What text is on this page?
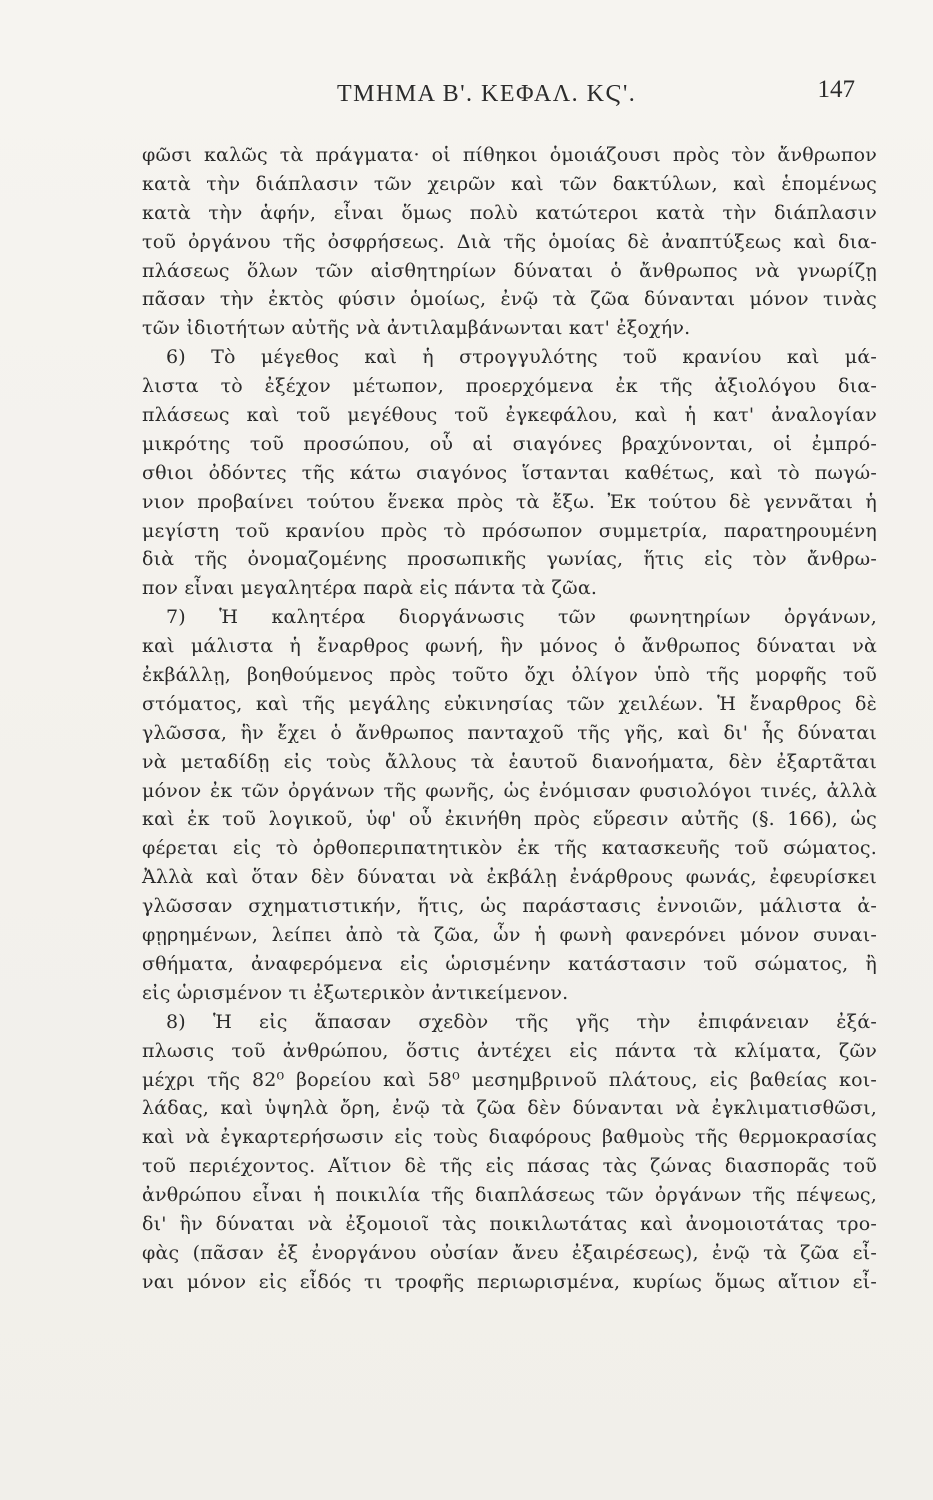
ΤΜΗΜΑ Β'. ΚΕΦΑΛ. ΚϚ'.	147
φῶσι καλῶς τὰ πράγματα· οἱ πίθηκοι ὁμοιάζουσι πρὸς τὸν ἄνθρωπον
κατὰ τὴν διάπλασιν τῶν χειρῶν καὶ τῶν δακτύλων, καὶ ἑπομένως
κατὰ τὴν ἁφήν, εἶναι ὅμως πολὺ κατώτεροι κατὰ τὴν διάπλασιν
τοῦ ὀργάνου τῆς ὀσφρήσεως. Διὰ τῆς ὁμοίας δὲ ἀναπτύξεως καὶ δια-
πλάσεως ὅλων τῶν αἰσθητηρίων δύναται ὁ ἄνθρωπος νὰ γνωρίζῃ
πᾶσαν τὴν ἐκτὸς φύσιν ὁμοίως, ἐνῷ τὰ ζῶα δύνανται μόνον τινὰς
τῶν ἰδιοτήτων αὐτῆς νὰ ἀντιλαμβάνωνται κατ' ἐξοχήν.
6) Τὸ μέγεθος καὶ ἡ στρογγυλότης τοῦ κρανίου καὶ μά-
λιστα τὸ ἐξέχον μέτωπον, προερχόμενα ἐκ τῆς ἀξιολόγου δια-
πλάσεως καὶ τοῦ μεγέθους τοῦ ἐγκεφάλου, καὶ ἡ κατ' ἀναλογίαν
μικρότης τοῦ προσώπου, οὗ αἱ σιαγόνες βραχύνονται, οἱ ἐμπρό-
σθιοι ὀδόντες τῆς κάτω σιαγόνος ἵστανται καθέτως, καὶ τὸ πωγώ-
νιον προβαίνει τούτου ἕνεκα πρὸς τὰ ἔξω. Ἐκ τούτου δὲ γεννᾶται ἡ
μεγίστη τοῦ κρανίου πρὸς τὸ πρόσωπον συμμετρία, παρατηρουμένη
διὰ τῆς ὀνομαζομένης προσωπικῆς γωνίας, ἥτις εἰς τὸν ἄνθρω-
πον εἶναι μεγαλητέρα παρὰ εἰς πάντα τὰ ζῶα.
7) Ἡ καλητέρα διοργάνωσις τῶν φωνητηρίων ὀργάνων,
καὶ μάλιστα ἡ ἔναρθρος φωνή, ἣν μόνος ὁ ἄνθρωπος δύναται νὰ
ἐκβάλλῃ, βοηθούμενος πρὸς τοῦτο ὄχι ὀλίγον ὑπὸ τῆς μορφῆς τοῦ
στόματος, καὶ τῆς μεγάλης εὐκινησίας τῶν χειλέων. Ἡ ἔναρθρος δὲ
γλῶσσα, ἣν ἔχει ὁ ἄνθρωπος πανταχοῦ τῆς γῆς, καὶ δι' ἧς δύναται
νὰ μεταδίδῃ εἰς τοὺς ἄλλους τὰ ἑαυτοῦ διανοήματα, δὲν ἐξαρτᾶται
μόνον ἐκ τῶν ὀργάνων τῆς φωνῆς, ὡς ἐνόμισαν φυσιολόγοι τινές, ἀλλὰ
καὶ ἐκ τοῦ λογικοῦ, ὑφ' οὗ ἐκινήθη πρὸς εὕρεσιν αὐτῆς (§. 166), ὡς
φέρεται εἰς τὸ ὀρθοπεριπατητικὸν ἐκ τῆς κατασκευῆς τοῦ σώματος.
Ἀλλὰ καὶ ὅταν δὲν δύναται νὰ ἐκβάλῃ ἐνάρθρους φωνάς, ἐφευρίσκει
γλῶσσαν σχηματιστικήν, ἥτις, ὡς παράστασις ἐννοιῶν, μάλιστα ἀ-
φῃρημένων, λείπει ἀπὸ τὰ ζῶα, ὧν ἡ φωνὴ φανερόνει μόνον συναι-
σθήματα, ἀναφερόμενα εἰς ὡρισμένην κατάστασιν τοῦ σώματος, ἢ
εἰς ὡρισμένον τι ἐξωτερικὸν ἀντικείμενον.
8) Ἡ εἰς ἅπασαν σχεδὸν τῆς γῆς τὴν ἐπιφάνειαν ἐξά-
πλωσις τοῦ ἀνθρώπου, ὅστις ἀντέχει εἰς πάντα τὰ κλίματα, ζῶν
μέχρι τῆς 82⁰ βορείου καὶ 58⁰ μεσημβρινοῦ πλάτους, εἰς βαθείας κοι-
λάδας, καὶ ὑψηλὰ ὄρη, ἐνῷ τὰ ζῶα δὲν δύνανται νὰ ἐγκλιματισθῶσι,
καὶ νὰ ἐγκαρτερήσωσιν εἰς τοὺς διαφόρους βαθμοὺς τῆς θερμοκρασίας
τοῦ περιέχοντος. Αἴτιον δὲ τῆς εἰς πάσας τὰς ζώνας διασπορᾶς τοῦ
ἀνθρώπου εἶναι ἡ ποικιλία τῆς διαπλάσεως τῶν ὀργάνων τῆς πέψεως,
δι' ἣν δύναται νὰ ἐξομοιοῖ τὰς ποικιλωτάτας καὶ ἀνομοιοτάτας τρο-
φὰς (πᾶσαν ἐξ ἐνοργάνου οὐσίαν ἄνευ ἐξαιρέσεως), ἐνῷ τὰ ζῶα εἶ-
ναι μόνον εἰς εἶδός τι τροφῆς περιωρισμένα, κυρίως ὅμως αἴτιον εἶ-
